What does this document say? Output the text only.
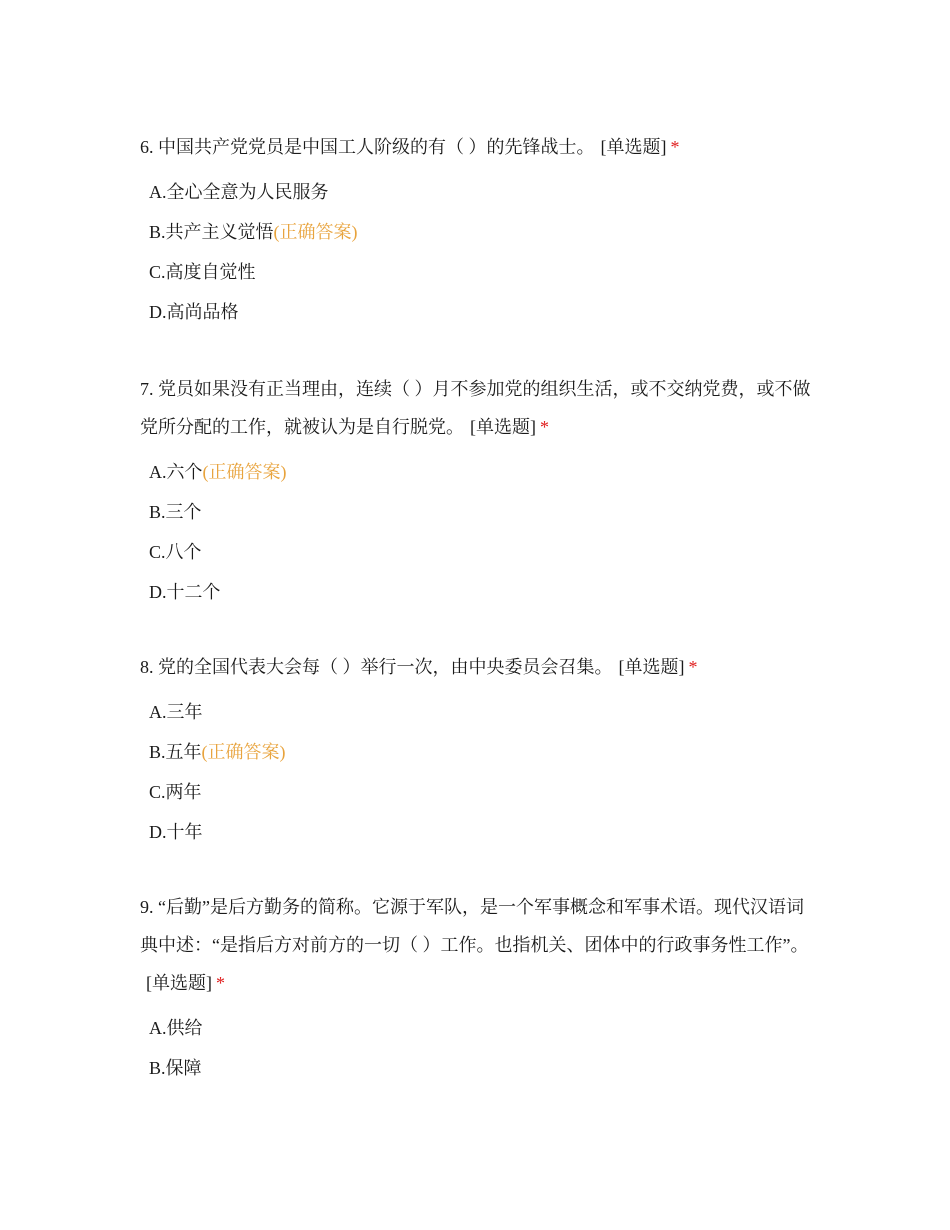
6. 中国共产党党员是中国工人阶级的有（ ）的先锋战士。 [单选题] *

A.全心全意为人民服务
B.共产主义觉悟(正确答案)
C.高度自觉性
D.高尚品格

7. 党员如果没有正当理由，连续（ ）月不参加党的组织生活，或不交纳党费，或不做党所分配的工作，就被认为是自行脱党。 [单选题] *

A.六个(正确答案)
B.三个
C.八个
D.十二个

8. 党的全国代表大会每（ ）举行一次，由中央委员会召集。 [单选题] *

A.三年
B.五年(正确答案)
C.两年
D.十年

9. “后勤”是后方勤务的简称。它源于军队，是一个军事概念和军事术语。现代汉语词典中述：“是指后方对前方的一切（ ）工作。也指机关、团体中的行政事务性工作”。[单选题] *

A.供给
B.保障
